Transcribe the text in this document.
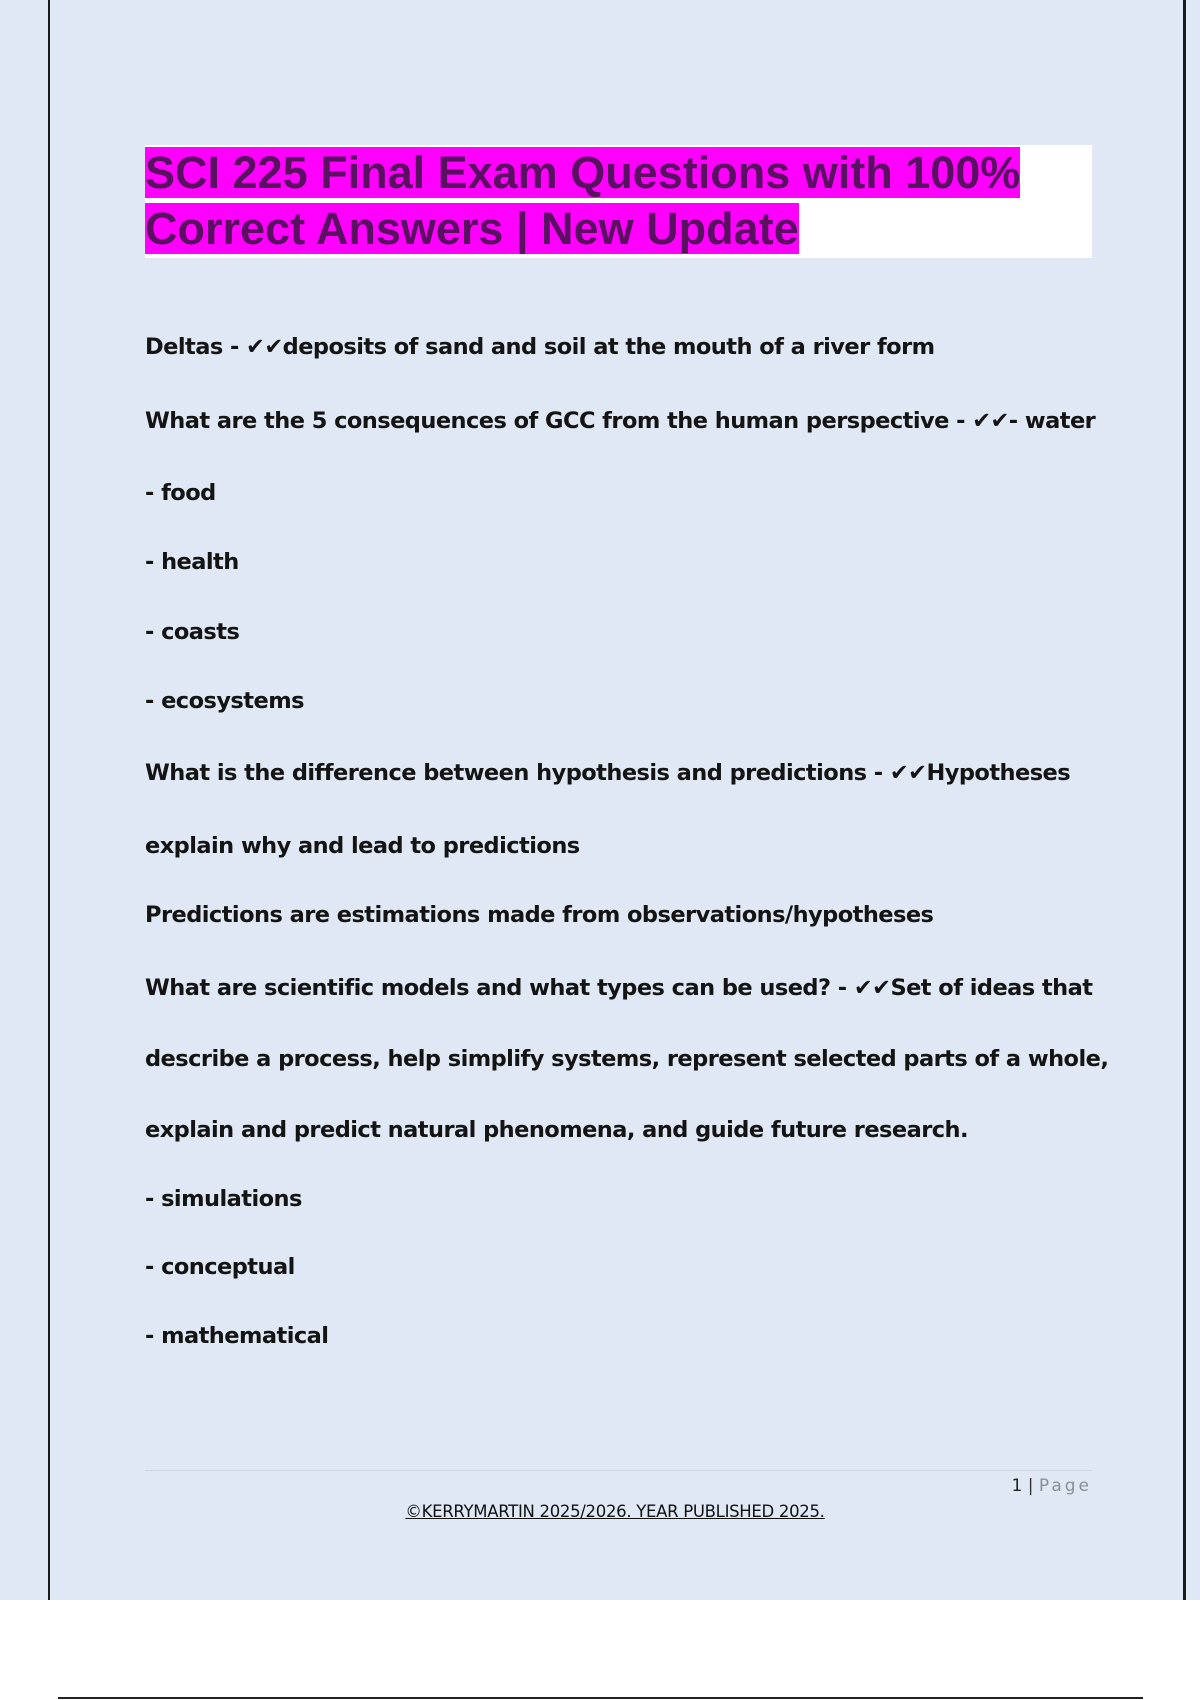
SCI 225 Final Exam Questions with 100%
Correct Answers | New Update

Deltas - ✔✔deposits of sand and soil at the mouth of a river form

What are the 5 consequences of GCC from the human perspective - ✔✔- water

- food

- health

- coasts

- ecosystems

What is the difference between hypothesis and predictions - ✔✔Hypotheses

explain why and lead to predictions

Predictions are estimations made from observations/hypotheses

What are scientific models and what types can be used? - ✔✔Set of ideas that

describe a process, help simplify systems, represent selected parts of a whole,

explain and predict natural phenomena, and guide future research.

- simulations

- conceptual

- mathematical

1 | Page
©KERRYMARTIN 2025/2026. YEAR PUBLISHED 2025.
